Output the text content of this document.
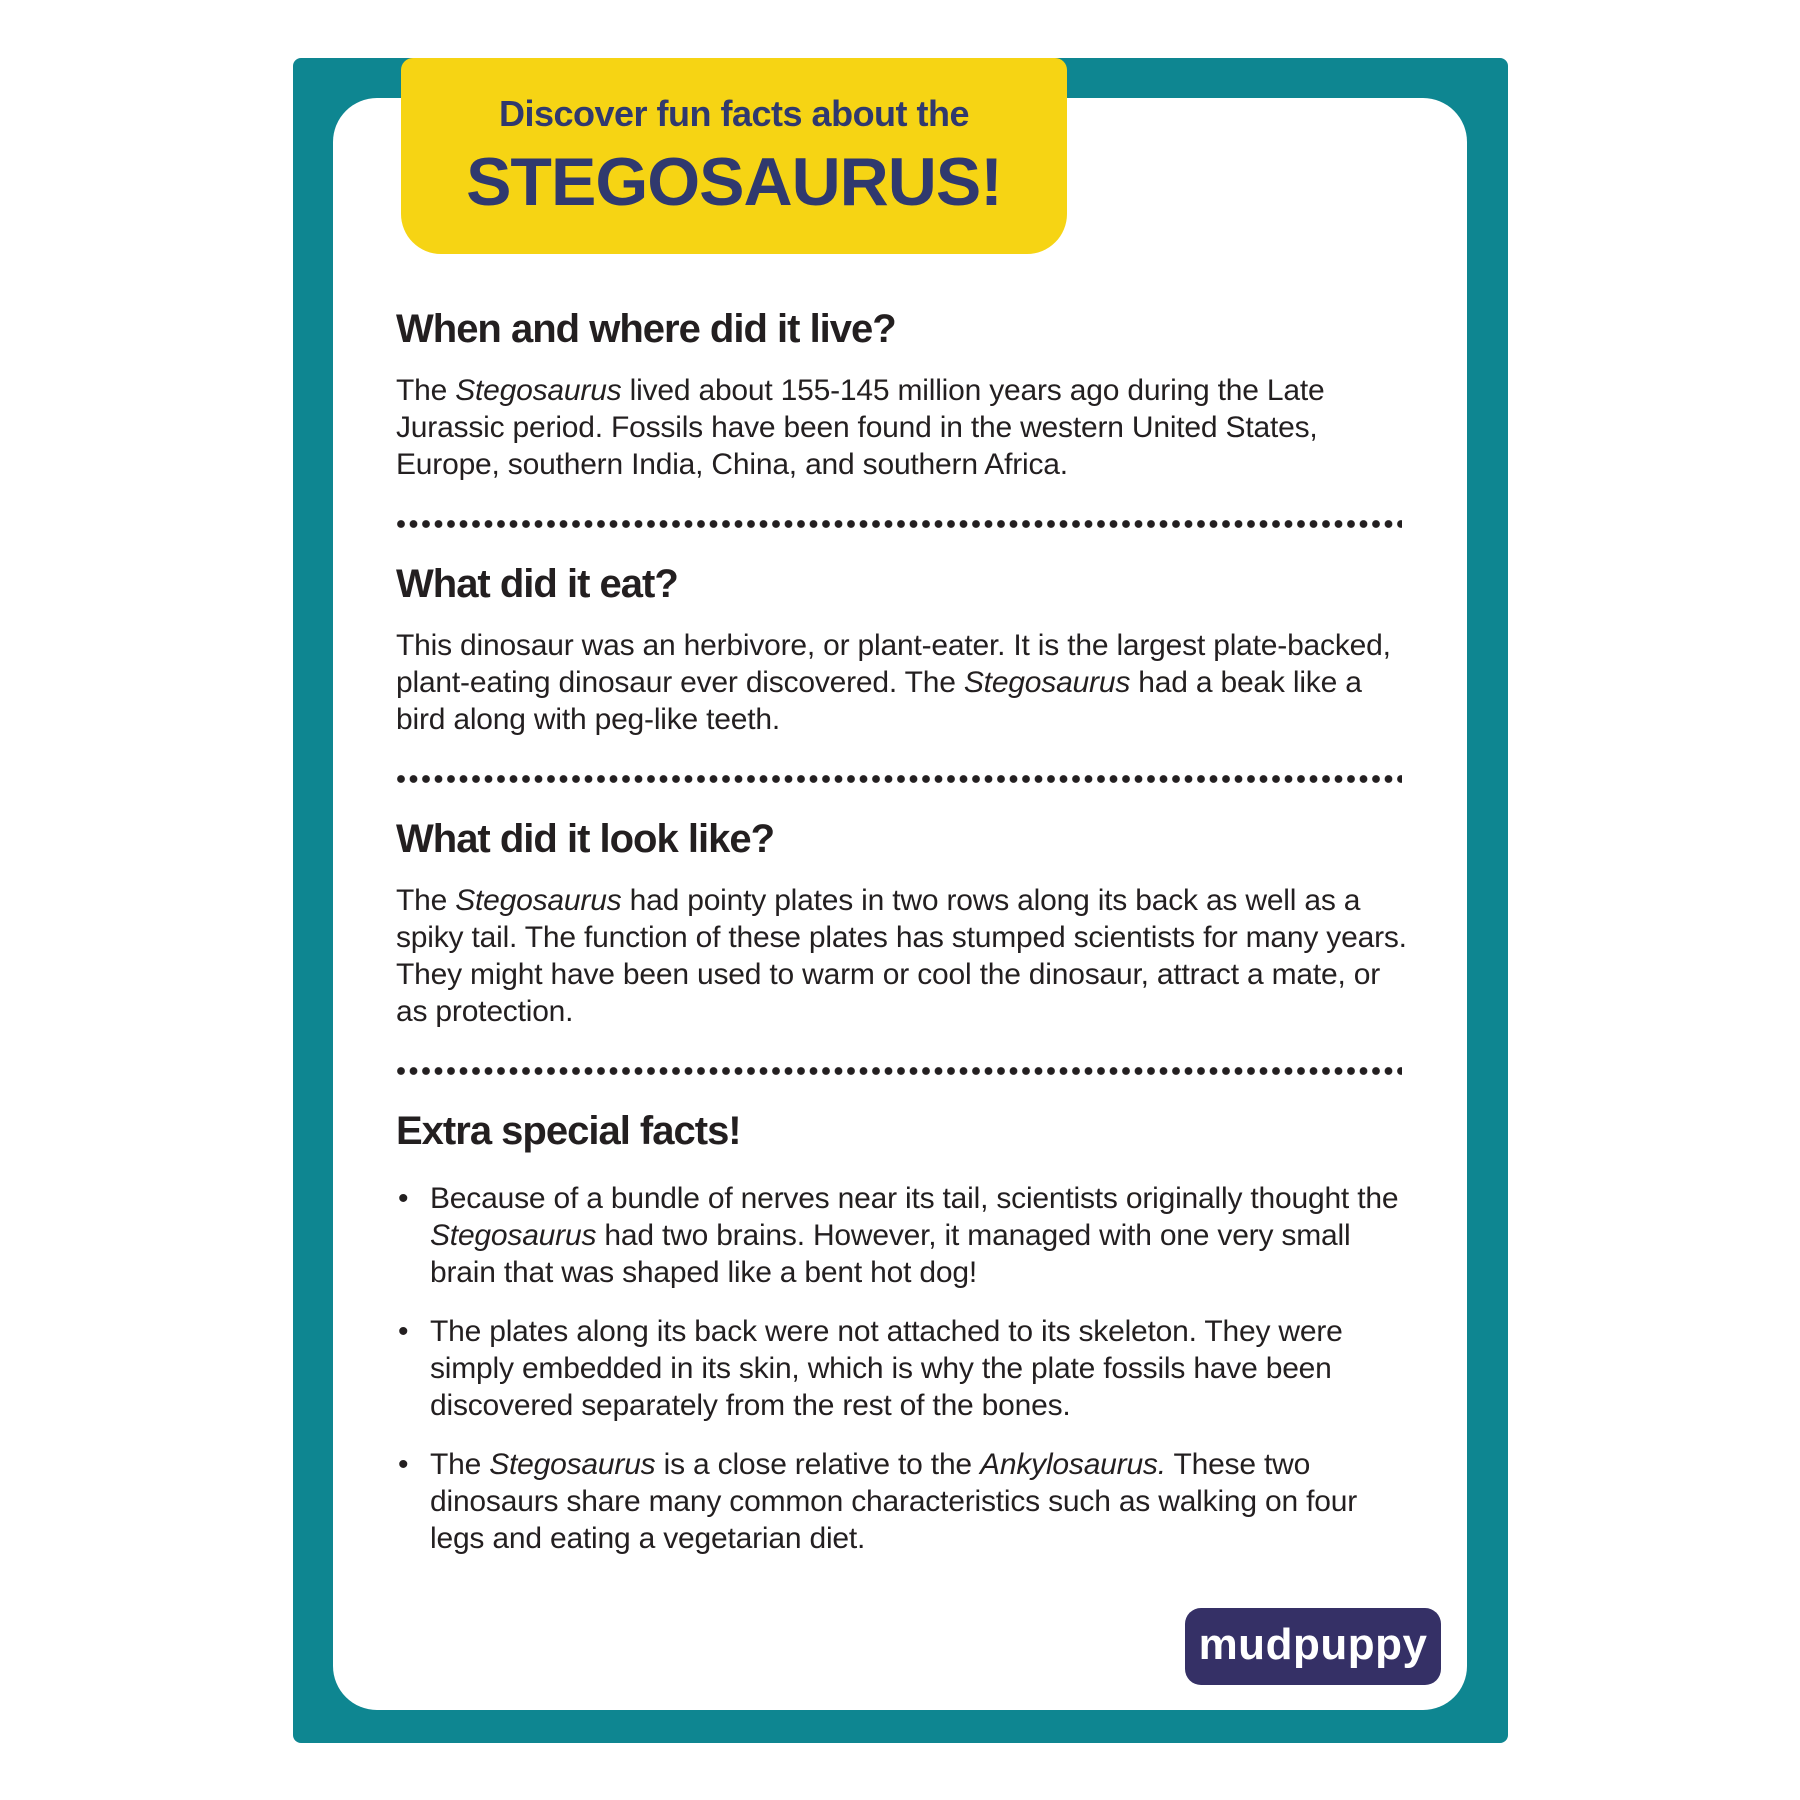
Discover fun facts about the
STEGOSAURUS!
When and where did it live?

The Stegosaurus lived about 155-145 million years ago during the Late Jurassic period. Fossils have been found in the western United States, Europe, southern India, China, and southern Africa.

What did it eat?

This dinosaur was an herbivore, or plant-eater. It is the largest plate-backed, plant-eating dinosaur ever discovered. The Stegosaurus had a beak like a bird along with peg-like teeth.

What did it look like?

The Stegosaurus had pointy plates in two rows along its back as well as a spiky tail. The function of these plates has stumped scientists for many years. They might have been used to warm or cool the dinosaur, attract a mate, or as protection.

Extra special facts!
• Because of a bundle of nerves near its tail, scientists originally thought the Stegosaurus had two brains. However, it managed with one very small brain that was shaped like a bent hot dog!
• The plates along its back were not attached to its skeleton. They were simply embedded in its skin, which is why the plate fossils have been discovered separately from the rest of the bones.
• The Stegosaurus is a close relative to the Ankylosaurus. These two dinosaurs share many common characteristics such as walking on four legs and eating a vegetarian diet.
mudpuppy
